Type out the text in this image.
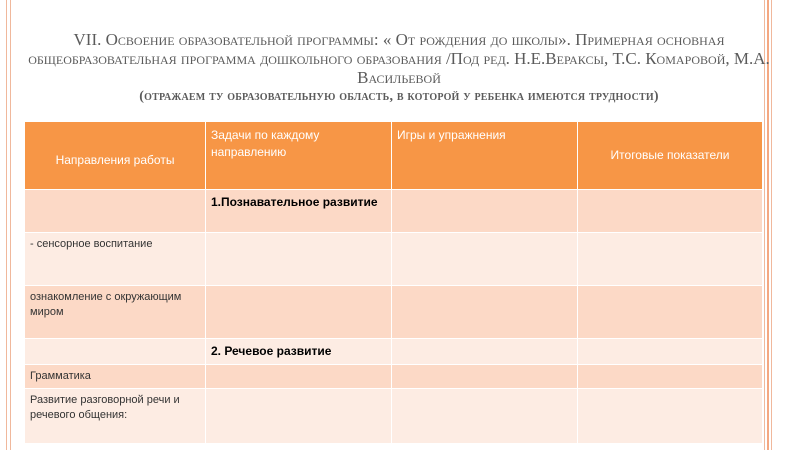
VII. Освоение образовательной программы: « От рождения до школы». Примерная основная
общеобразовательная программа дошкольного образования /Под ред. Н.Е.Вераксы, Т.С. Комаровой, М.А.
Васильевой
(отражаем ту образовательную область, в которой у ребенка имеются трудности)
Направления работы	Задачи по каждому направлению	Игры и упражнения	Итоговые показатели
	1.Познавательное развитие		
- сенсорное воспитание			
ознакомление с окружающим миром			
	2. Речевое развитие		
Грамматика			
Развитие разговорной речи и речевого общения:			
